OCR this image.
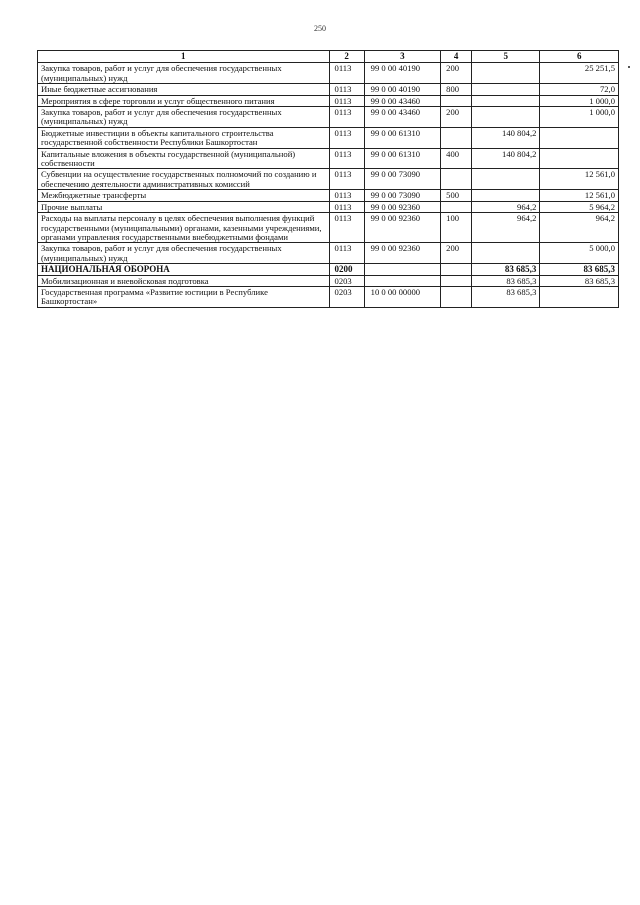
250
1	2	3	4	5	6
Закупка товаров, работ и услуг для обеспечения государственных (муниципальных) нужд	0113	99 0 00 40190	200		25 251,5
Иные бюджетные ассигнования	0113	99 0 00 40190	800		72,0
Мероприятия в сфере торговли и услуг общественного питания	0113	99 0 00 43460			1 000,0
Закупка товаров, работ и услуг для обеспечения государственных (муниципальных) нужд	0113	99 0 00 43460	200		1 000,0
Бюджетные инвестиции в объекты капитального строительства государственной собственности Республики Башкортостан	0113	99 0 00 61310		140 804,2	
Капитальные вложения в объекты государственной (муниципальной) собственности	0113	99 0 00 61310	400	140 804,2	
Субвенции на осуществление государственных полномочий по созданию и обеспечению деятельности административных комиссий	0113	99 0 00 73090			12 561,0
Межбюджетные трансферты	0113	99 0 00 73090	500		12 561,0
Прочие выплаты	0113	99 0 00 92360		964,2	5 964,2
Расходы на выплаты персоналу в целях обеспечения выполнения функций государственными (муниципальными) органами, казенными учреждениями, органами управления государственными внебюджетными фондами	0113	99 0 00 92360	100	964,2	964,2
Закупка товаров, работ и услуг для обеспечения государственных (муниципальных) нужд	0113	99 0 00 92360	200		5 000,0
НАЦИОНАЛЬНАЯ ОБОРОНА	0200			83 685,3	83 685,3
Мобилизационная и вневойсковая подготовка	0203			83 685,3	83 685,3
Государственная программа «Развитие юстиции в Республике Башкортостан»	0203	10 0 00 00000		83 685,3	
